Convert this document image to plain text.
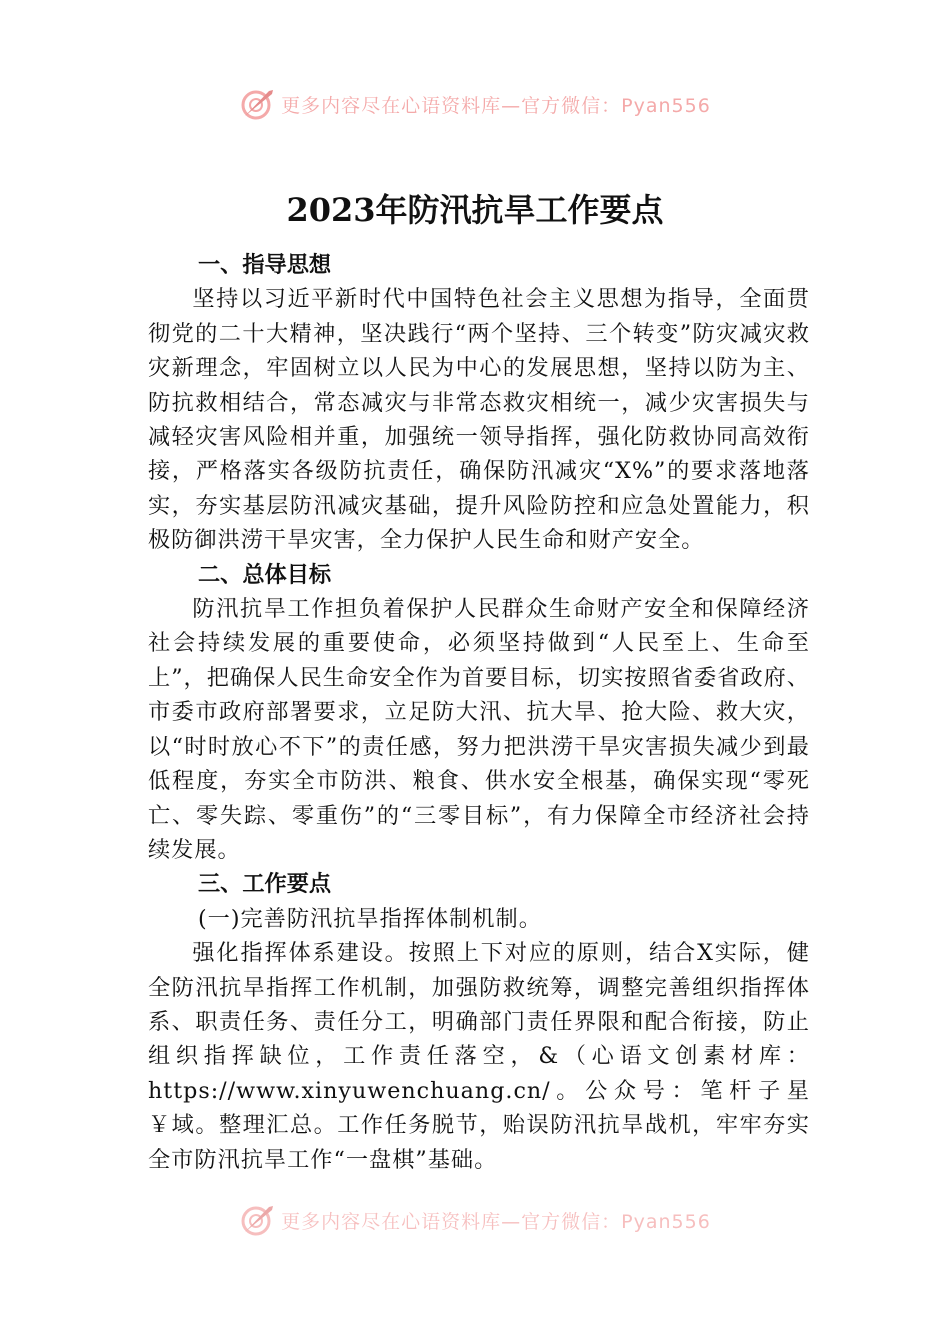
更多内容尽在心语资料库—官方微信：Pyan556
2023年防汛抗旱工作要点
一、指导思想

坚持以习近平新时代中国特色社会主义思想为指导，全面贯彻党的二十大精神，坚决践行“两个坚持、三个转变”防灾减灾救灾新理念，牢固树立以人民为中心的发展思想，坚持以防为主、防抗救相结合，常态减灾与非常态救灾相统一，减少灾害损失与减轻灾害风险相并重，加强统一领导指挥，强化防救协同高效衔接，严格落实各级防抗责任，确保防汛减灾“X%”的要求落地落实，夯实基层防汛减灾基础，提升风险防控和应急处置能力，积极防御洪涝干旱灾害，全力保护人民生命和财产安全。

二、总体目标

防汛抗旱工作担负着保护人民群众生命财产安全和保障经济社会持续发展的重要使命，必须坚持做到“人民至上、生命至上”，把确保人民生命安全作为首要目标，切实按照省委省政府、市委市政府部署要求，立足防大汛、抗大旱、抢大险、救大灾，以“时时放心不下”的责任感，努力把洪涝干旱灾害损失减少到最低程度，夯实全市防洪、粮食、供水安全根基，确保实现“零死亡、零失踪、零重伤”的“三零目标”，有力保障全市经济社会持续发展。

三、工作要点

(一)完善防汛抗旱指挥体制机制。

强化指挥体系建设。按照上下对应的原则，结合X实际，健全防汛抗旱指挥工作机制，加强防救统筹，调整完善组织指挥体系、职责任务、责任分工，明确部门责任界限和配合衔接，防止组织指挥缺位，工作责任落空，&（心语文创素材库：https://www.xinyuwenchuang.cn/。公众号：笔杆子星￥域。整理汇总。工作任务脱节，贻误防汛抗旱战机，牢牢夯实全市防汛抗旱工作“一盘棋”基础。

更多内容尽在心语资料库—官方微信：Pyan556
